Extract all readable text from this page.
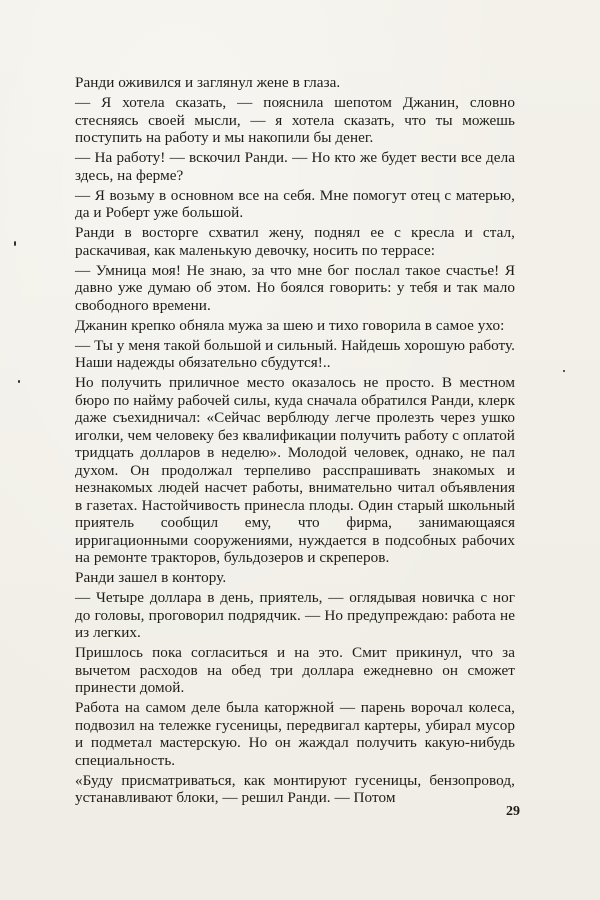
Ранди оживился и заглянул жене в глаза.

— Я хотела сказать, — пояснила шепотом Джанин, словно стесняясь своей мысли, — я хотела сказать, что ты можешь поступить на работу и мы накопили бы денег.

— На работу! — вскочил Ранди. — Но кто же будет вести все дела здесь, на ферме?

— Я возьму в основном все на себя. Мне помогут отец с матерью, да и Роберт уже большой.

Ранди в восторге схватил жену, поднял ее с кресла и стал, раскачивая, как маленькую девочку, носить по террасе:

— Умница моя! Не знаю, за что мне бог послал такое счастье! Я давно уже думаю об этом. Но боялся говорить: у тебя и так мало свободного времени.

Джанин крепко обняла мужа за шею и тихо говорила в самое ухо:

— Ты у меня такой большой и сильный. Найдешь хорошую работу. Наши надежды обязательно сбудутся!..

Но получить приличное место оказалось не просто. В местном бюро по найму рабочей силы, куда сначала обратился Ранди, клерк даже съехидничал: «Сейчас верблюду легче пролезть через ушко иголки, чем человеку без квалификации получить работу с оплатой тридцать долларов в неделю». Молодой человек, однако, не пал духом. Он продолжал терпеливо расспрашивать знакомых и незнакомых людей насчет работы, внимательно читал объявления в газетах. Настойчивость принесла плоды. Один старый школьный приятель сообщил ему, что фирма, занимающаяся ирригационными сооружениями, нуждается в подсобных рабочих на ремонте тракторов, бульдозеров и скреперов.

Ранди зашел в контору.

— Четыре доллара в день, приятель, — оглядывая новичка с ног до головы, проговорил подрядчик. — Но предупреждаю: работа не из легких.

Пришлось пока согласиться и на это. Смит прикинул, что за вычетом расходов на обед три доллара ежедневно он сможет принести домой.

Работа на самом деле была каторжной — парень ворочал колеса, подвозил на тележке гусеницы, передвигал картеры, убирал мусор и подметал мастерскую. Но он жаждал получить какую-нибудь специальность.

«Буду присматриваться, как монтируют гусеницы, бензопровод, устанавливают блоки, — решил Ранди. — Потом

29
